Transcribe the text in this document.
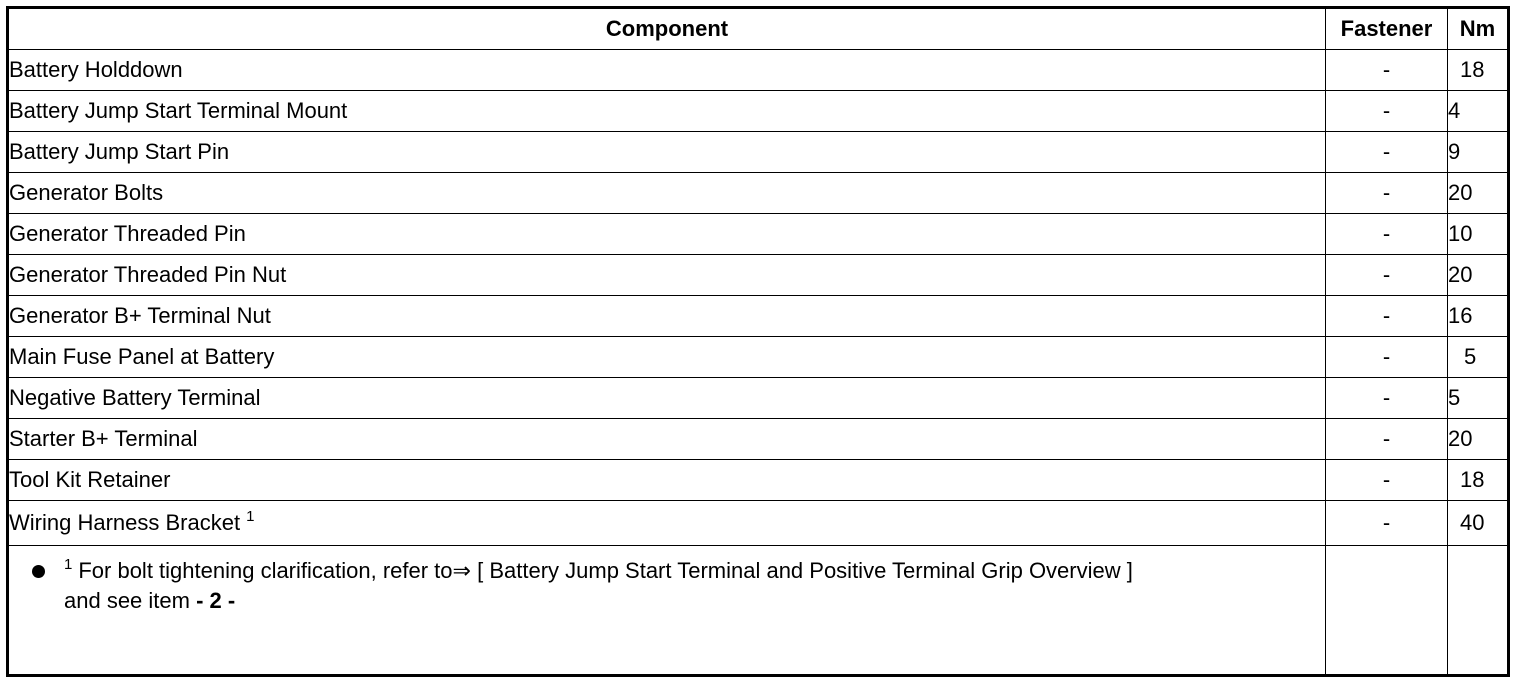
Component	Fastener	Nm
Battery Holddown	-	18
Battery Jump Start Terminal Mount	-	4
Battery Jump Start Pin	-	9
Generator Bolts	-	20
Generator Threaded Pin	-	10
Generator Threaded Pin Nut	-	20
Generator B+ Terminal Nut	-	16
Main Fuse Panel at Battery	-	5
Negative Battery Terminal	-	5
Starter B+ Terminal	-	20
Tool Kit Retainer	-	18
Wiring Harness Bracket $^1$	-	40

$^1$ For bolt tightening clarification, refer to⇒ [ Battery Jump Start Terminal and Positive Terminal Grip Overview ]
and see item - 2 -		
